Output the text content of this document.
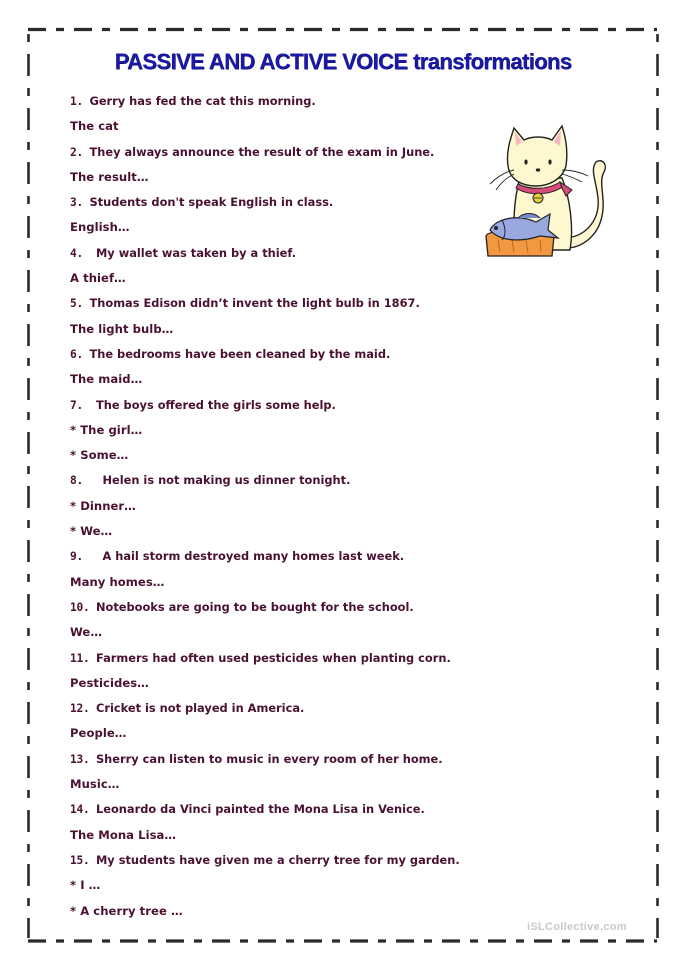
PASSIVE AND ACTIVE VOICE transformations
1. Gerry has fed the cat this morning.
The cat
2. They always announce the result of the exam in June.
The result…
3. Students don't speak English in class.
English…
4. My wallet was taken by a thief.
A thief…
5. Thomas Edison didn’t invent the light bulb in 1867.
The light bulb…
6. The bedrooms have been cleaned by the maid.
The maid…
7. The boys offered the girls some help.
* The girl…
* Some…
8. Helen is not making us dinner tonight.
* Dinner…
* We…
9. A hail storm destroyed many homes last week.
Many homes…
10. Notebooks are going to be bought for the school.
We…
11. Farmers had often used pesticides when planting corn.
Pesticides…
12. Cricket is not played in America.
People…
13. Sherry can listen to music in every room of her home.
Music…
14. Leonardo da Vinci painted the Mona Lisa in Venice.
The Mona Lisa…
15. My students have given me a cherry tree for my garden.
* I …
* A cherry tree …
iSLCollective.com
